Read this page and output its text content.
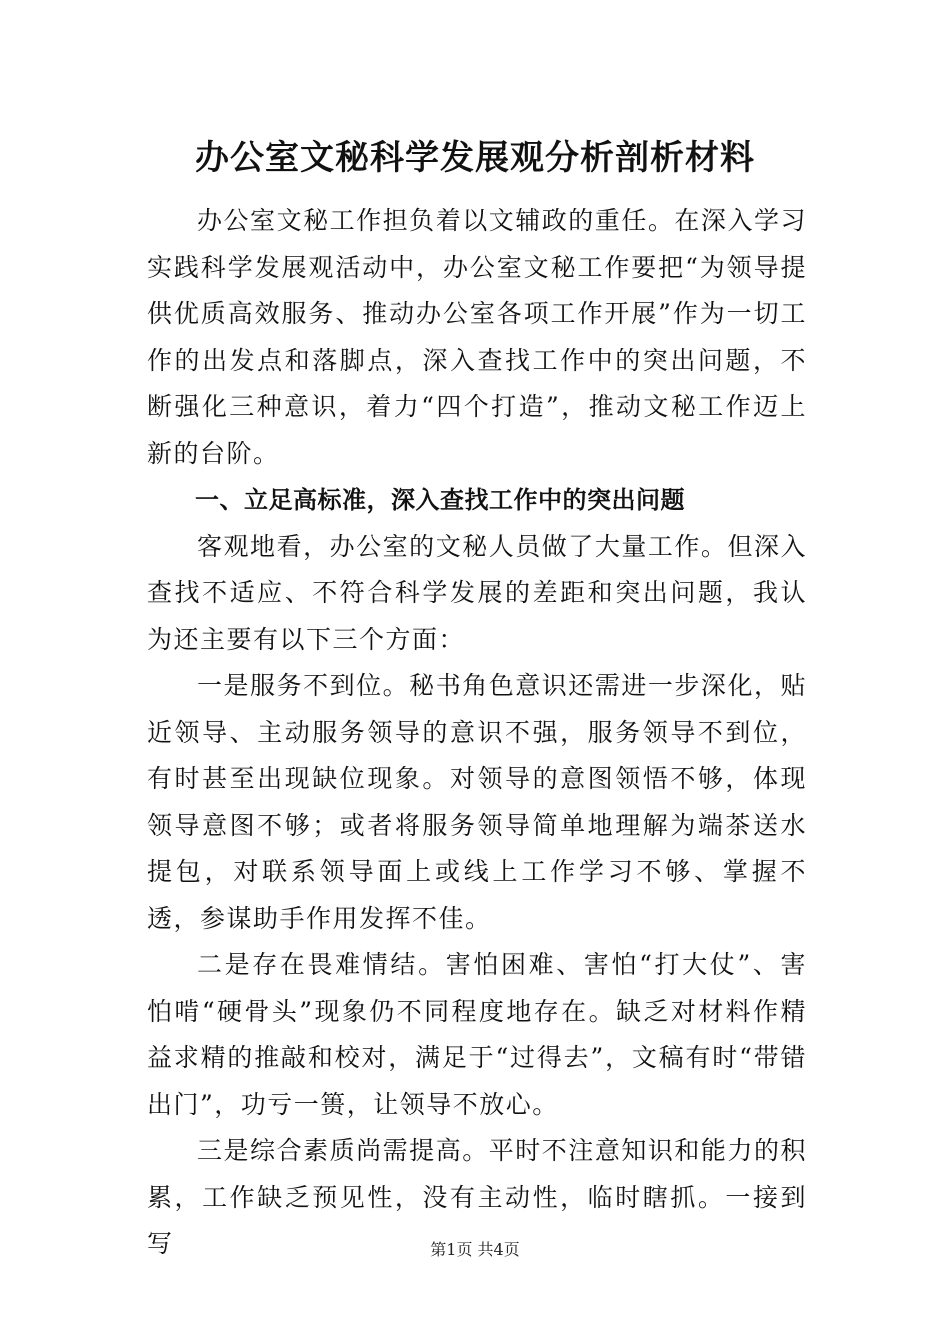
办公室文秘科学发展观分析剖析材料

办公室文秘工作担负着以文辅政的重任。在深入学习实践科学发展观活动中，办公室文秘工作要把“为领导提供优质高效服务、推动办公室各项工作开展”作为一切工作的出发点和落脚点，深入查找工作中的突出问题，不断强化三种意识，着力“四个打造”，推动文秘工作迈上新的台阶。

一、立足高标准，深入查找工作中的突出问题

客观地看，办公室的文秘人员做了大量工作。但深入查找不适应、不符合科学发展的差距和突出问题，我认为还主要有以下三个方面：

一是服务不到位。秘书角色意识还需进一步深化，贴近领导、主动服务领导的意识不强，服务领导不到位，有时甚至出现缺位现象。对领导的意图领悟不够，体现领导意图不够；或者将服务领导简单地理解为端茶送水提包，对联系领导面上或线上工作学习不够、掌握不透，参谋助手作用发挥不佳。

二是存在畏难情结。害怕困难、害怕“打大仗”、害怕啃“硬骨头”现象仍不同程度地存在。缺乏对材料作精益求精的推敲和校对，满足于“过得去”，文稿有时“带错出门”，功亏一篑，让领导不放心。

三是综合素质尚需提高。平时不注意知识和能力的积累，工作缺乏预见性，没有主动性，临时瞎抓。一接到写	第1页 共4页
